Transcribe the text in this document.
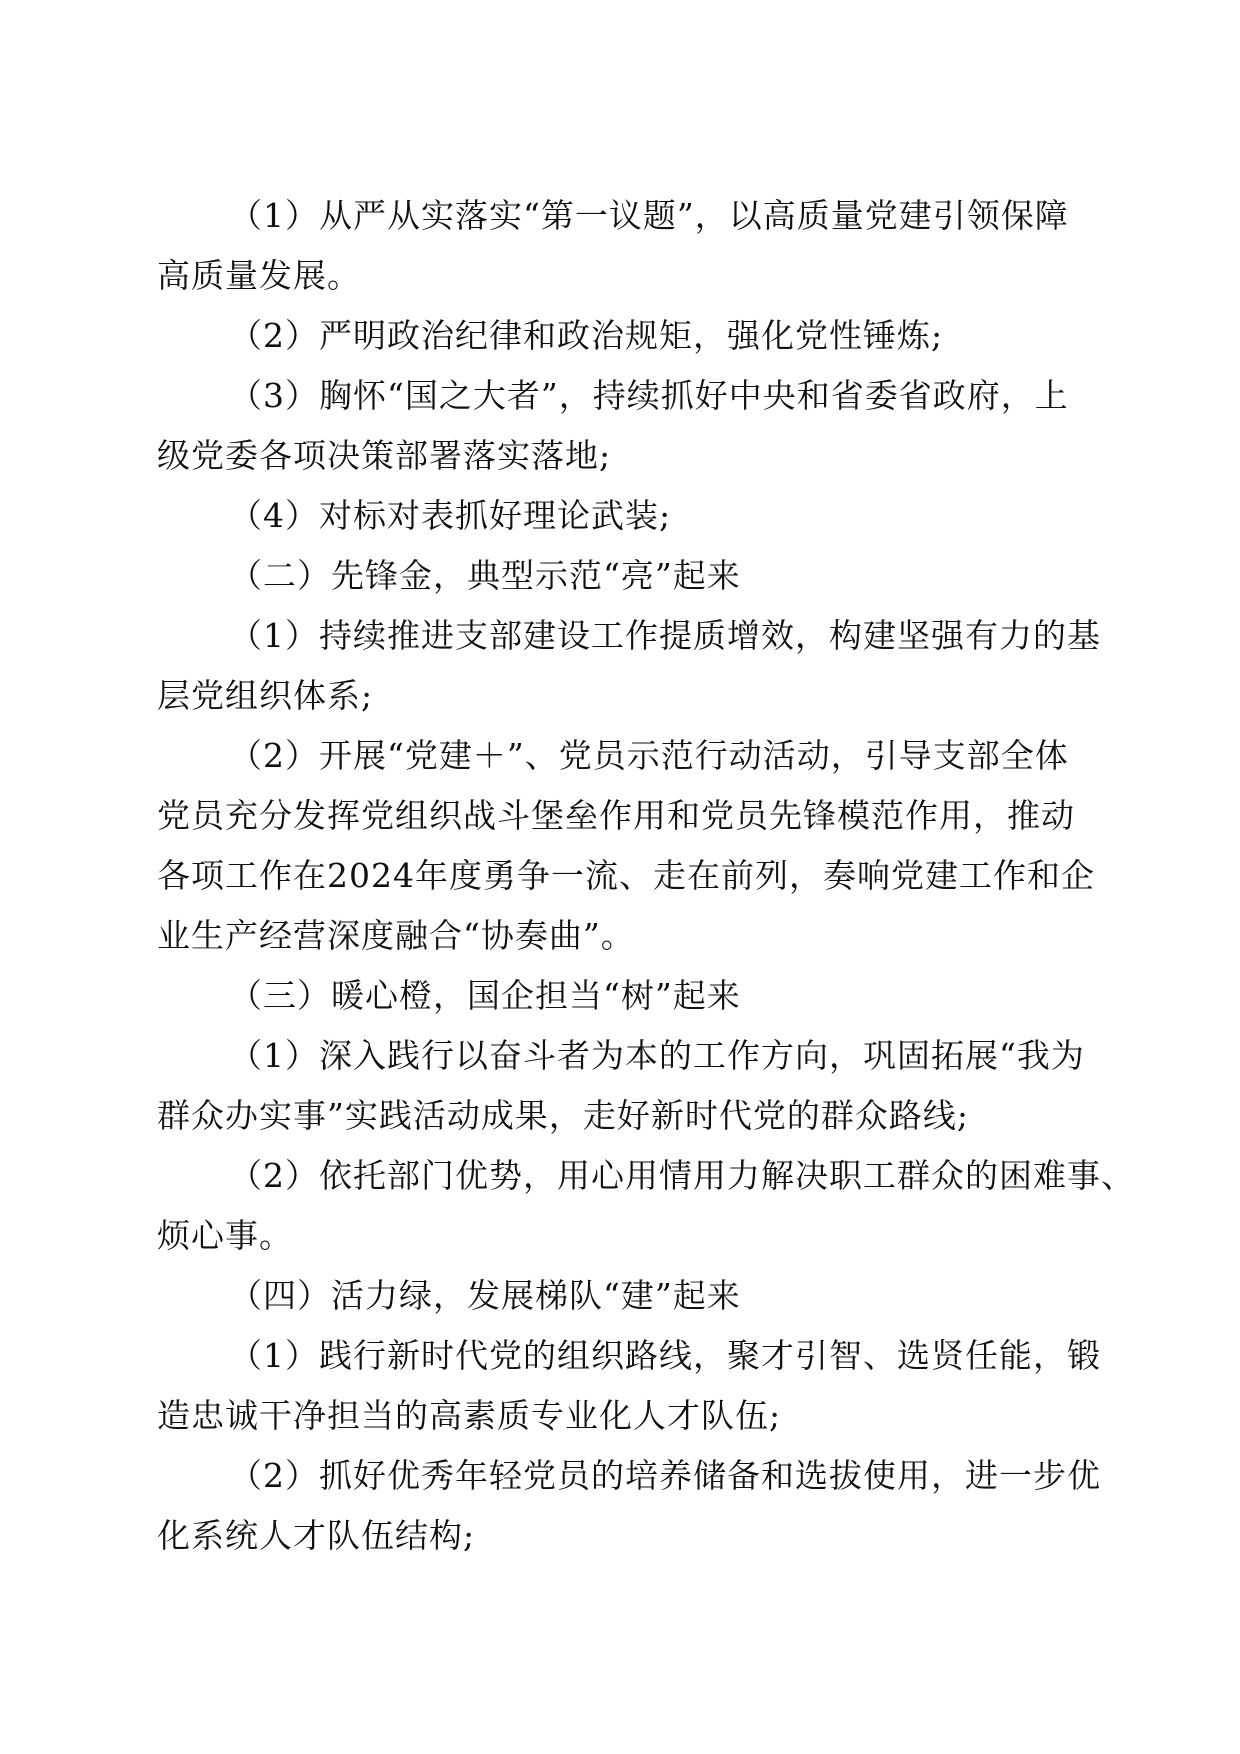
（1）从严从实落实“第一议题”，以高质量党建引领保障
高质量发展。
（2）严明政治纪律和政治规矩，强化党性锤炼;
（3）胸怀“国之大者”，持续抓好中央和省委省政府，上
级党委各项决策部署落实落地;
（4）对标对表抓好理论武装;
（二）先锋金，典型示范“亮”起来
（1）持续推进支部建设工作提质增效，构建坚强有力的基
层党组织体系;
（2）开展“党建＋”、党员示范行动活动，引导支部全体
党员充分发挥党组织战斗堡垒作用和党员先锋模范作用，推动
各项工作在2024年度勇争一流、走在前列，奏响党建工作和企
业生产经营深度融合“协奏曲”。
（三）暖心橙，国企担当“树”起来
（1）深入践行以奋斗者为本的工作方向，巩固拓展“我为
群众办实事”实践活动成果，走好新时代党的群众路线;
（2）依托部门优势，用心用情用力解决职工群众的困难事、
烦心事。
（四）活力绿，发展梯队“建”起来
（1）践行新时代党的组织路线，聚才引智、选贤任能，锻
造忠诚干净担当的高素质专业化人才队伍;
（2）抓好优秀年轻党员的培养储备和选拔使用，进一步优
化系统人才队伍结构;
